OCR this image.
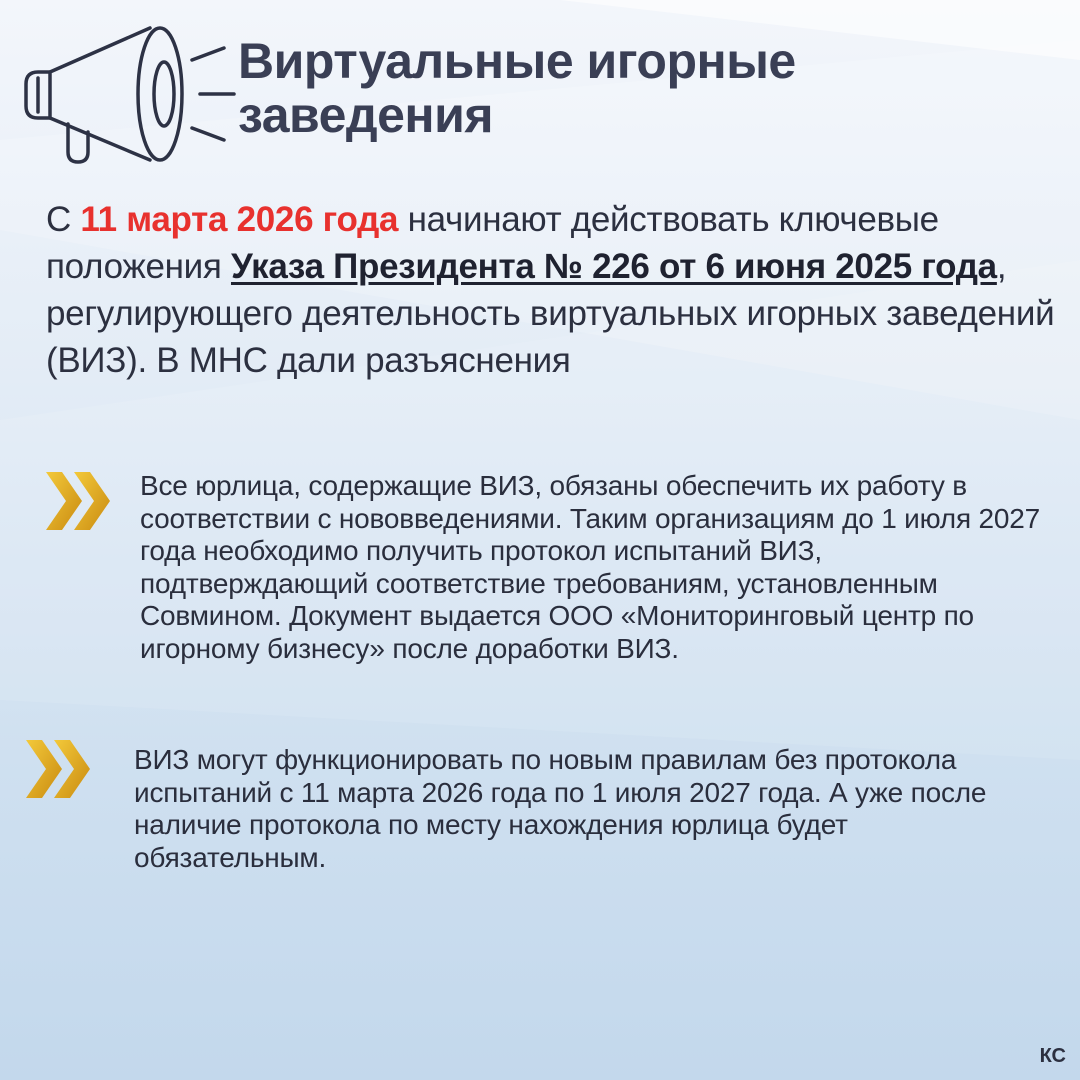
Виртуальные игорные
заведения

С 11 марта 2026 года начинают действовать ключевые положения Указа Президента № 226 от 6 июня 2025 года, регулирующего деятельность виртуальных игорных заведений (ВИЗ). В МНС дали разъяснения

Все юрлица, содержащие ВИЗ, обязаны обеспечить их работу в соответствии с нововведениями. Таким организациям до 1 июля 2027 года необходимо получить протокол испытаний ВИЗ, подтверждающий соответствие требованиям, установленным Совмином. Документ выдается ООО «Мониторинговый центр по игорному бизнесу» после доработки ВИЗ.

ВИЗ могут функционировать по новым правилам без протокола испытаний с 11 марта 2026 года по 1 июля 2027 года. А уже после наличие протокола по месту нахождения юрлица будет обязательным.

КС
